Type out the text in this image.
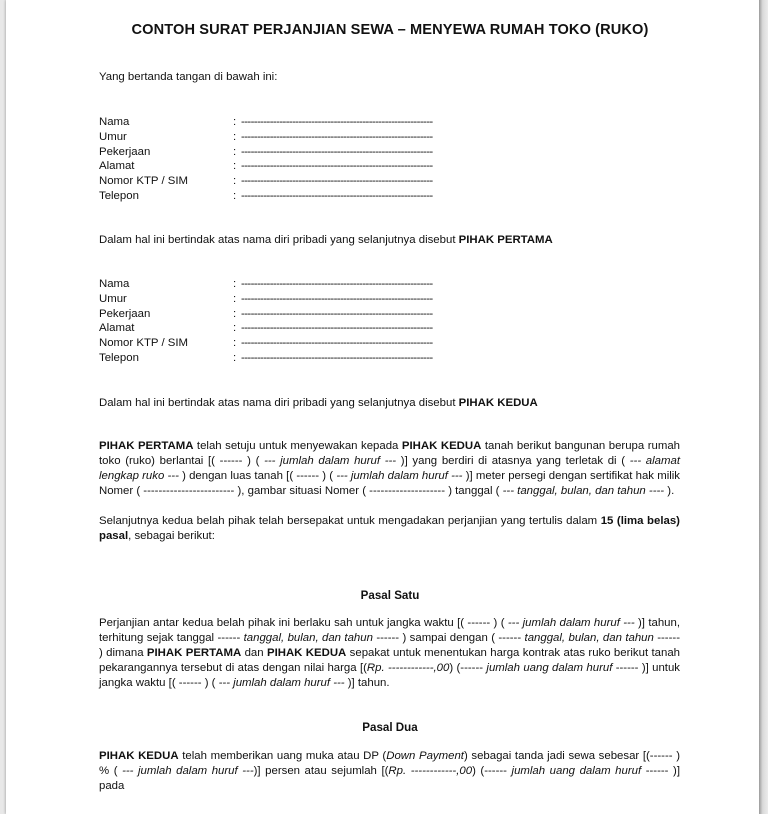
CONTOH SURAT PERJANJIAN SEWA – MENYEWA RUMAH TOKO (RUKO)
Yang bertanda tangan di bawah ini:
Nama	: ------------------------------------------------------------
Umur	: ------------------------------------------------------------
Pekerjaan	: ------------------------------------------------------------
Alamat	: ------------------------------------------------------------
Nomor KTP / SIM	: ------------------------------------------------------------
Telepon	: ------------------------------------------------------------
Dalam hal ini bertindak atas nama diri pribadi yang selanjutnya disebut PIHAK PERTAMA
Nama	: ------------------------------------------------------------
Umur	: ------------------------------------------------------------
Pekerjaan	: ------------------------------------------------------------
Alamat	: ------------------------------------------------------------
Nomor KTP / SIM	: ------------------------------------------------------------
Telepon	: ------------------------------------------------------------
Dalam hal ini bertindak atas nama diri pribadi yang selanjutnya disebut PIHAK KEDUA
PIHAK PERTAMA telah setuju untuk menyewakan kepada PIHAK KEDUA tanah berikut bangunan berupa rumah toko (ruko) berlantai [( ------ ) ( --- jumlah dalam huruf --- )] yang berdiri di atasnya yang terletak di ( --- alamat lengkap ruko --- ) dengan luas tanah [( ------ ) ( --- jumlah dalam huruf --- )] meter persegi dengan sertifikat hak milik Nomer ( ------------------------ ), gambar situasi Nomer ( -------------------- ) tanggal ( --- tanggal, bulan, dan tahun ---- ).
Selanjutnya kedua belah pihak telah bersepakat untuk mengadakan perjanjian yang tertulis dalam 15 (lima belas) pasal, sebagai berikut:
Pasal Satu
Perjanjian antar kedua belah pihak ini berlaku sah untuk jangka waktu [( ------ ) ( --- jumlah dalam huruf --- )] tahun, terhitung sejak tanggal ------ tanggal, bulan, dan tahun ------ ) sampai dengan ( ------ tanggal, bulan, dan tahun ------ ) dimana PIHAK PERTAMA dan PIHAK KEDUA sepakat untuk menentukan harga kontrak atas ruko berikut tanah pekarangannya tersebut di atas dengan nilai harga [(Rp. ------------,00) (------ jumlah uang dalam huruf ------ )] untuk jangka waktu [( ------ ) ( --- jumlah dalam huruf --- )] tahun.
Pasal Dua
PIHAK KEDUA telah memberikan uang muka atau DP (Down Payment) sebagai tanda jadi sewa sebesar [(------ ) % ( --- jumlah dalam huruf ---)] persen atau sejumlah [(Rp. ------------,00) (------ jumlah uang dalam huruf ------ )] pada
